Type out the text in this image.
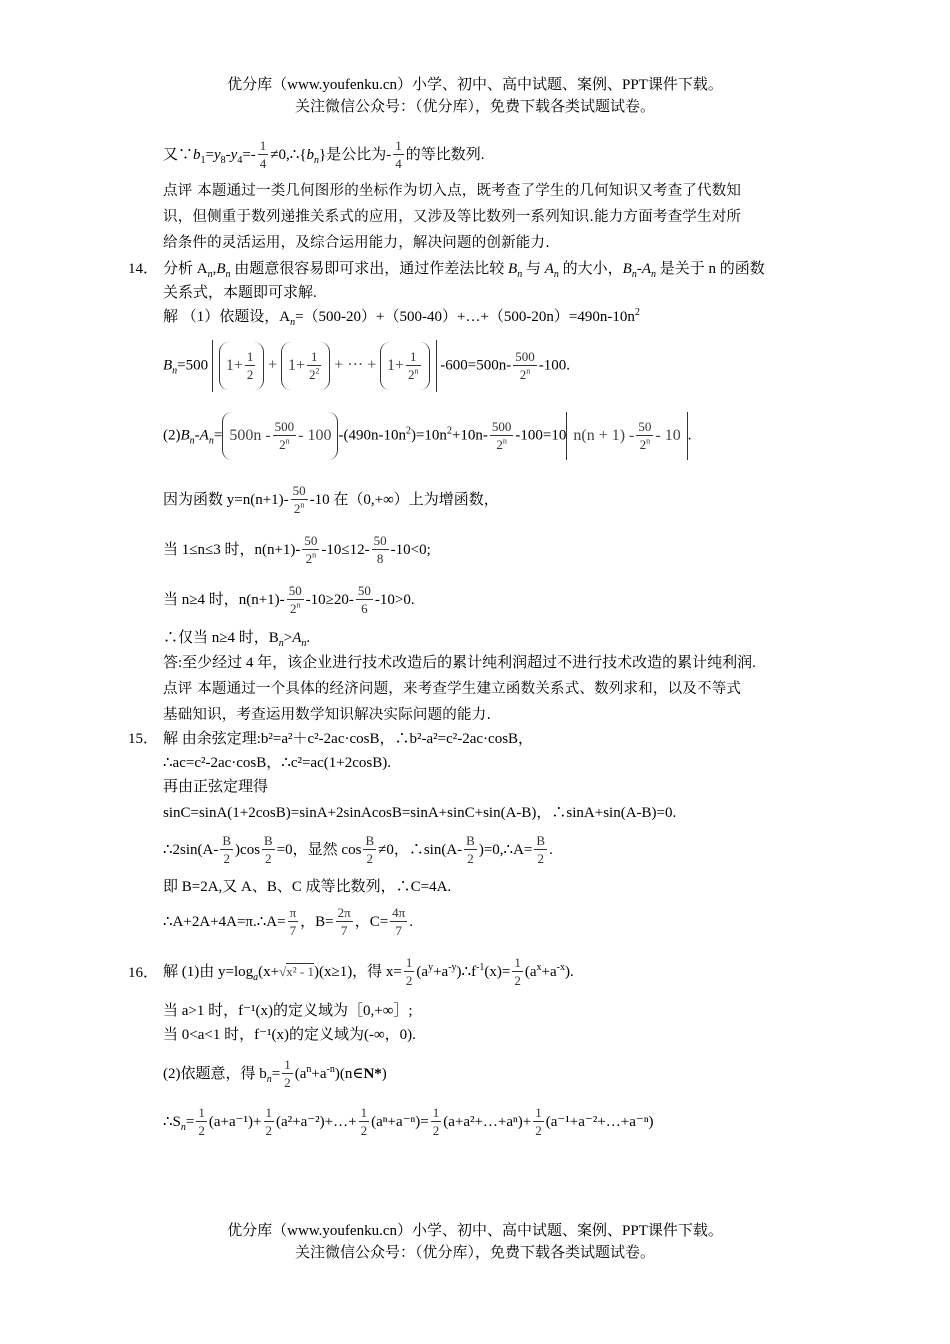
优分库（www.youfenku.cn）小学、初中、高中试题、案例、PPT课件下载。
关注微信公众号：（优分库），免费下载各类试题试卷。
又$\because b_1=y_8-y_4=- \frac{1}{4}$ $\ne 0,\therefore\{b_n\}$是公比为- $\frac{1}{4}$ 的等比数列.
点评 本题通过一类几何图形的坐标作为切入点，既考查了学生的几何知识又考查了代数知
识，但侧重于数列递推关系式的应用，又涉及等比数列一系列知识.能力方面考查学生对所
给条件的灵活运用，及综合运用能力，解决问题的创新能力.
14． 分析 $A_n,B_n$ 由题意很容易即可求出，通过作差法比较 $B_n$ 与 $A_n$ 的大小，$B_n-A_n$ 是关于 n 的函数
关系式，本题即可求解.
解 （1）依题设，$A_n=(500-20)+(500-40)+\dots+(500-20n)=490n-10n^2$
$B_n=500$ $1+ \frac{1}{2} + 1+ \frac{1}{2^2}$ + ··· + $1+ \frac{1}{2^n} -600=500n- \frac{500}{2^n} -100$.
$(2)B_n-A_n= 500n - \frac{500}{2^n} - 100$ $-(490n-10n^2)=10n^2+10n- \frac{500}{2^n} -100=10$ $n(n + 1) - \frac{50}{2^n} - 10$ .
因为函数 $y=n(n+1)- \frac{50}{2^n} -10$ 在（0,+∞）上为增函数，
当 1≤n≤3 时，$n(n+1)- \frac{50}{2^n} -10\le 12- \frac{50}{8} -10<0$;
当 n≥4 时，$n(n+1)- \frac{50}{2^n} -10\ge 20- \frac{50}{6} -10>0$.
∴仅当 n≥4 时，$B_n>A_n$.
答:至少经过 4 年，该企业进行技术改造后的累计纯利润超过不进行技术改造的累计纯利润.
点评 本题通过一个具体的经济问题，来考查学生建立函数关系式、数列求和，以及不等式
基础知识，考查运用数学知识解决实际问题的能力.
15． 解 由余弦定理:b²=a²＋c²-2ac·cosB，∴b²-a²=c²-2ac·cosB，
∴ac=c²-2ac·cosB，∴c²=ac(1+2cosB).
再由正弦定理得
sinC=sinA(1+2cosB)=sinA+2sinAcosB=sinA+sinC+sin(A-B)，∴sinA+sin(A-B)=0.
∴2sin(A- $\frac{B}{2} )\cos \frac{B}{2} =0$，显然 $\cos \frac{B}{2} \ne 0$，∴sin(A- $\frac{B}{2}$ )=0,∴A= $\frac{B}{2}$ .
即 B=2A,又 A、B、C 成等比数列，∴C=4A.
∴A+2A+4A=π.∴A= $\frac{\pi}{7}$ ，$B= \frac{2\pi}{7}$ ，$C= \frac{4\pi}{7}$ .
16． 解 (1)由 $y=\log_a(x+√x^2 - 1)(x\ge 1)$，得 $x= \frac{1}{2}$ $(a^y+a^{-y})\therefore f^{-1}(x)= \frac{1}{2} (a^x+a^{-x})$.
当 a>1 时，f⁻¹(x)的定义域为［0,+∞］;
当 0<a<1 时，f⁻¹(x)的定义域为(-∞，0).
(2)依题意，得 $b_n= \frac{1}{2}$ $(a^n+a^{-n})(n\in N*)$
$\therefore S_n= \frac{1}{2} (a+a^{-1})+ \frac{1}{2}$ (a²+a⁻²)+…+ $\frac{1}{2} (a^n+a^{-n})= \frac{1}{2}$ (a+a²+…+aⁿ)+ $\frac{1}{2}$ (a⁻¹+a⁻²+…+a⁻ⁿ)
优分库（www.youfenku.cn）小学、初中、高中试题、案例、PPT课件下载。
关注微信公众号：（优分库），免费下载各类试题试卷。
